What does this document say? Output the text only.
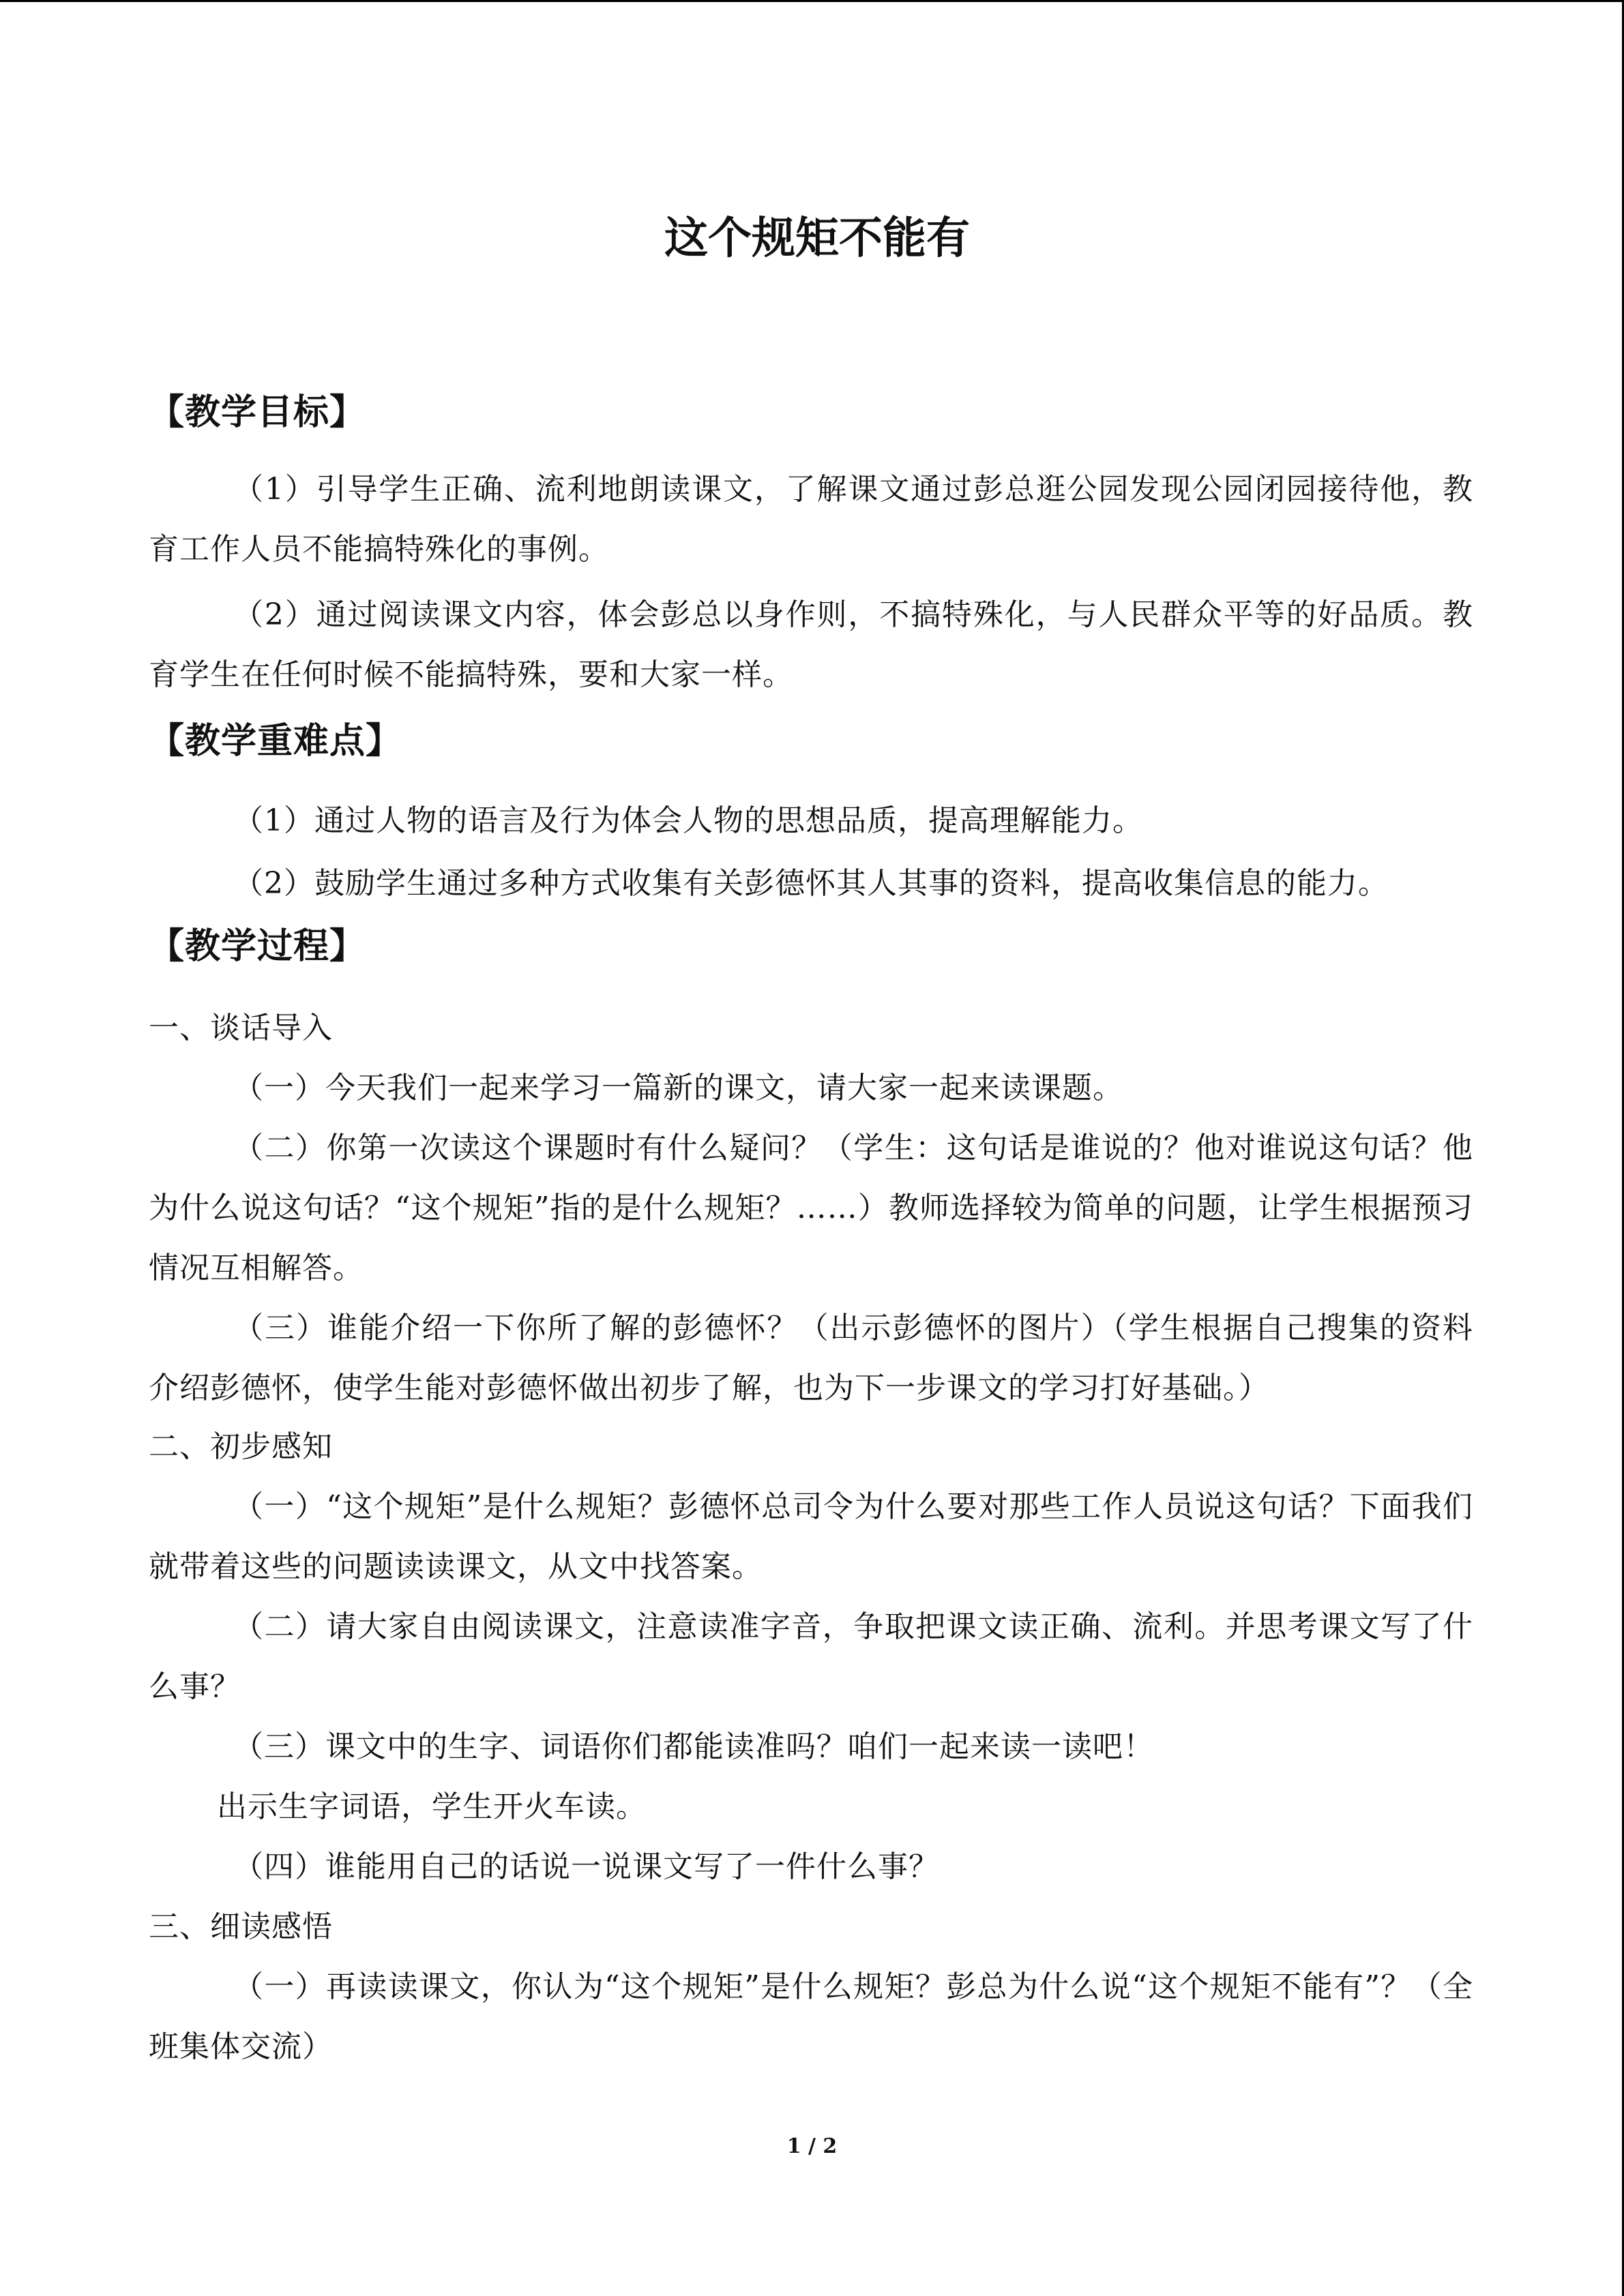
这个规矩不能有
【教学目标】
（1）引导学生正确、流利地朗读课文，了解课文通过彭总逛公园发现公园闭园接待他，教育工作人员不能搞特殊化的事例。
（2）通过阅读课文内容，体会彭总以身作则，不搞特殊化，与人民群众平等的好品质。教育学生在任何时候不能搞特殊，要和大家一样。
【教学重难点】
（1）通过人物的语言及行为体会人物的思想品质，提高理解能力。
（2）鼓励学生通过多种方式收集有关彭德怀其人其事的资料，提高收集信息的能力。
【教学过程】
一、谈话导入
（一）今天我们一起来学习一篇新的课文，请大家一起来读课题。
（二）你第一次读这个课题时有什么疑问？（学生：这句话是谁说的？他对谁说这句话？他为什么说这句话？“这个规矩”指的是什么规矩？……）教师选择较为简单的问题，让学生根据预习情况互相解答。
（三）谁能介绍一下你所了解的彭德怀？（出示彭德怀的图片）（学生根据自己搜集的资料介绍彭德怀，使学生能对彭德怀做出初步了解，也为下一步课文的学习打好基础。）
二、初步感知
（一）“这个规矩”是什么规矩？彭德怀总司令为什么要对那些工作人员说这句话？下面我们就带着这些的问题读读课文，从文中找答案。
（二）请大家自由阅读课文，注意读准字音，争取把课文读正确、流利。并思考课文写了什么事？
（三）课文中的生字、词语你们都能读准吗？咱们一起来读一读吧！
出示生字词语，学生开火车读。
（四）谁能用自己的话说一说课文写了一件什么事？
三、细读感悟
（一）再读读课文，你认为“这个规矩”是什么规矩？彭总为什么说“这个规矩不能有”？（全班集体交流）
1 / 2
